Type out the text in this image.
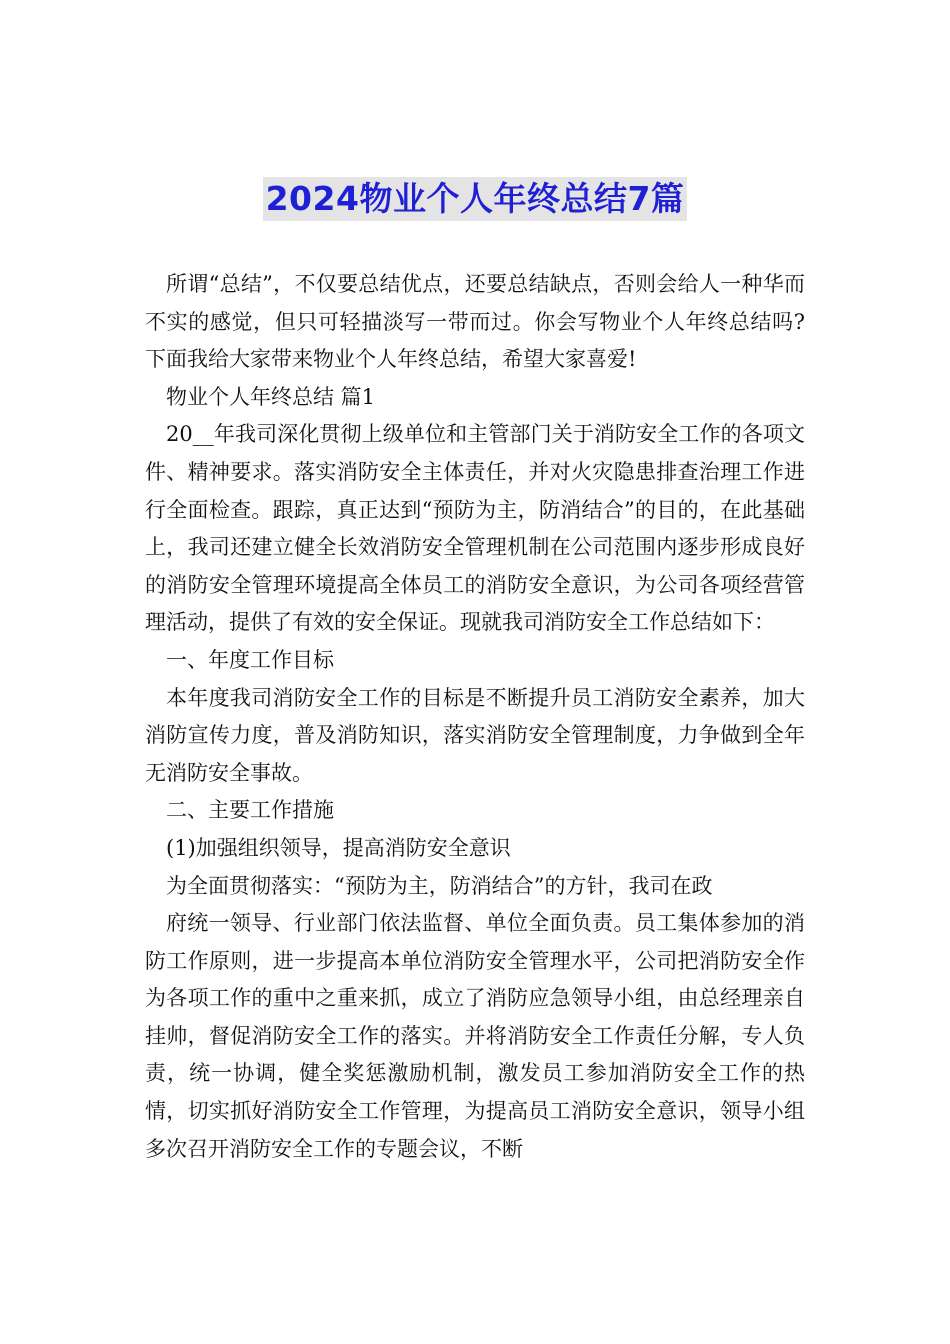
2024物业个人年终总结7篇

所谓“总结”，不仅要总结优点，还要总结缺点，否则会给人一种华而不实的感觉，但只可轻描淡写一带而过。你会写物业个人年终总结吗?下面我给大家带来物业个人年终总结，希望大家喜爱!

物业个人年终总结 篇1

20__年我司深化贯彻上级单位和主管部门关于消防安全工作的各项文件、精神要求。落实消防安全主体责任，并对火灾隐患排查治理工作进行全面检查。跟踪，真正达到“预防为主，防消结合”的目的，在此基础上，我司还建立健全长效消防安全管理机制在公司范围内逐步形成良好的消防安全管理环境提高全体员工的消防安全意识，为公司各项经营管理活动，提供了有效的安全保证。现就我司消防安全工作总结如下：

一、年度工作目标

本年度我司消防安全工作的目标是不断提升员工消防安全素养，加大消防宣传力度，普及消防知识，落实消防安全管理制度，力争做到全年无消防安全事故。

二、主要工作措施

(1)加强组织领导，提高消防安全意识

为全面贯彻落实：“预防为主，防消结合”的方针，我司在政

府统一领导、行业部门依法监督、单位全面负责。员工集体参加的消防工作原则，进一步提高本单位消防安全管理水平，公司把消防安全作为各项工作的重中之重来抓，成立了消防应急领导小组，由总经理亲自挂帅，督促消防安全工作的落实。并将消防安全工作责任分解，专人负责，统一协调，健全奖惩激励机制，激发员工参加消防安全工作的热情，切实抓好消防安全工作管理，为提高员工消防安全意识，领导小组多次召开消防安全工作的专题会议，不断
